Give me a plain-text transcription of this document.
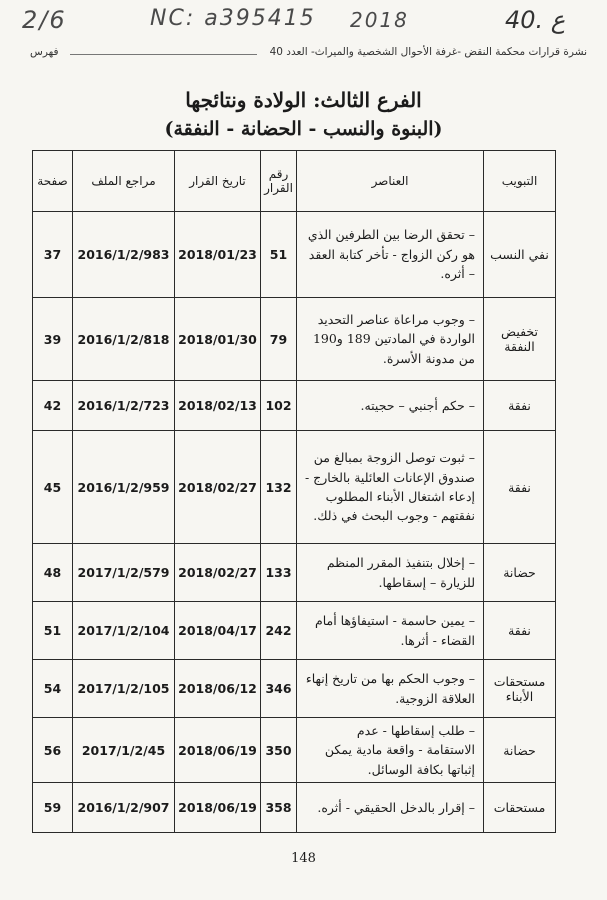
2/6	NC: a395415 2018	40. ع
نشرة قرارات محكمة النقض -غرفة الأحوال الشخصية والميراث- العدد 40
فهرس
الفرع الثالث: الولادة ونتائجها
(البنوة والنسب - الحضانة - النفقة)
التبويب	العناصر	رقم القرار	تاريخ القرار	مراجع الملف	صفحة
نفي النسب	– تحقق الرضا بين الطرفين الذي هو ركن الزواج - تأخر كتابة العقد – أثره.	51	2018/01/23	2016/1/2/983	37
تخفيض النفقة	– وجوب مراعاة عناصر التحديد الواردة في المادتين 189 و190 من مدونة الأسرة.	79	2018/01/30	2016/1/2/818	39
نفقة	– حكم أجنبي – حجيته.	102	2018/02/13	2016/1/2/723	42
نفقة	– ثبوت توصل الزوجة بمبالغ من صندوق الإعانات العائلية بالخارج - إدعاء اشتغال الأبناء المطلوب نفقتهم - وجوب البحث في ذلك.	132	2018/02/27	2016/1/2/959	45
حضانة	– إخلال بتنفيذ المقرر المنظم للزيارة – إسقاطها.	133	2018/02/27	2017/1/2/579	48
نفقة	– يمين حاسمة - استيفاؤها أمام القضاء - أثرها.	242	2018/04/17	2017/1/2/104	51
مستحقات الأبناء	– وجوب الحكم بها من تاريخ إنهاء العلاقة الزوجية.	346	2018/06/12	2017/1/2/105	54
حضانة	– طلب إسقاطها - عدم الاستقامة - واقعة مادية يمكن إثباتها بكافة الوسائل.	350	2018/06/19	2017/1/2/45	56
مستحقات	– إقرار بالدخل الحقيقي - أثره.	358	2018/06/19	2016/1/2/907	59
148
